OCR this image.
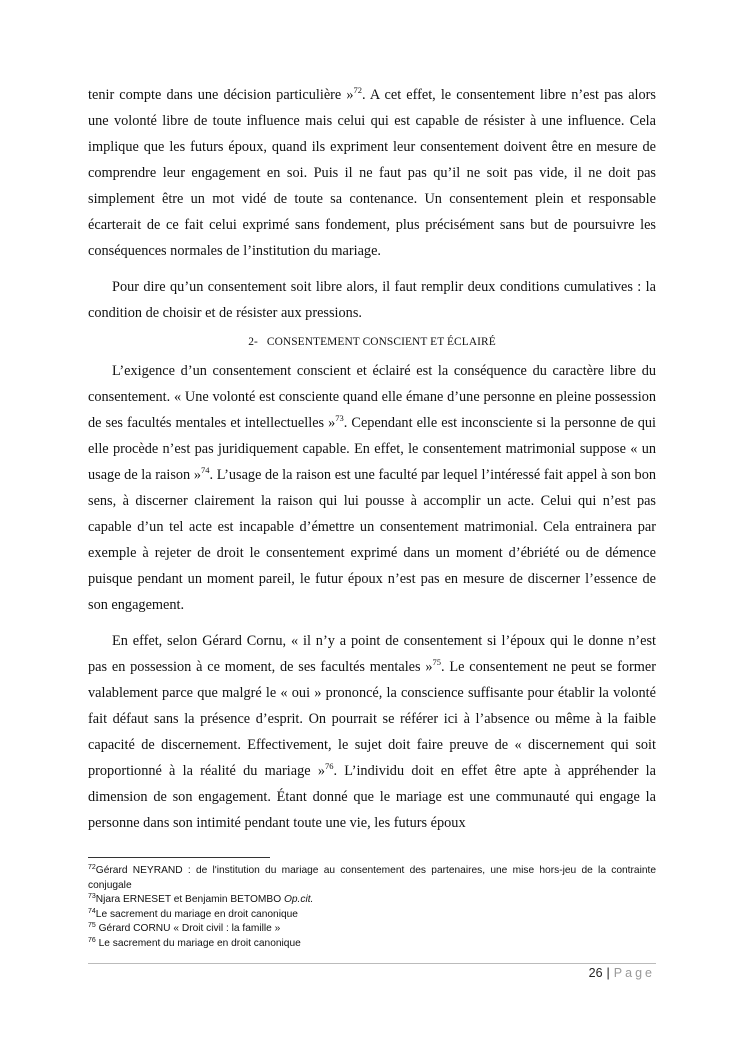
tenir compte dans une décision particulière »$^{72}$. A cet effet, le consentement libre n’est pas alors une volonté libre de toute influence mais celui qui est capable de résister à une influence. Cela implique que les futurs époux, quand ils expriment leur consentement doivent être en mesure de comprendre leur engagement en soi. Puis il ne faut pas qu’il ne soit pas vide, il ne doit pas simplement être un mot vidé de toute sa contenance. Un consentement plein et responsable écarterait de ce fait celui exprimé sans fondement, plus précisément sans but de poursuivre les conséquences normales de l’institution du mariage.

Pour dire qu’un consentement soit libre alors, il faut remplir deux conditions cumulatives : la condition de choisir et de résister aux pressions.

2- CONSENTEMENT CONSCIENT ET ÉCLAIRÉ

L’exigence d’un consentement conscient et éclairé est la conséquence du caractère libre du consentement. « Une volonté est consciente quand elle émane d’une personne en pleine possession de ses facultés mentales et intellectuelles »$^{73}$. Cependant elle est inconsciente si la personne de qui elle procède n’est pas juridiquement capable. En effet, le consentement matrimonial suppose « un usage de la raison »$^{74}$. L’usage de la raison est une faculté par lequel l’intéressé fait appel à son bon sens, à discerner clairement la raison qui lui pousse à accomplir un acte. Celui qui n’est pas capable d’un tel acte est incapable d’émettre un consentement matrimonial. Cela entrainera par exemple à rejeter de droit le consentement exprimé dans un moment d’ébriété ou de démence puisque pendant un moment pareil, le futur époux n’est pas en mesure de discerner l’essence de son engagement.

En effet, selon Gérard Cornu, « il n’y a point de consentement si l’époux qui le donne n’est pas en possession à ce moment, de ses facultés mentales »$^{75}$. Le consentement ne peut se former valablement parce que malgré le « oui » prononcé, la conscience suffisante pour établir la volonté fait défaut sans la présence d’esprit. On pourrait se référer ici à l’absence ou même à la faible capacité de discernement. Effectivement, le sujet doit faire preuve de « discernement qui soit proportionné à la réalité du mariage »$^{76}$. L’individu doit en effet être apte à appréhender la dimension de son engagement. Étant donné que le mariage est une communauté qui engage la personne dans son intimité pendant toute une vie, les futurs époux

$^{72}$Gérard NEYRAND : de l'institution du mariage au consentement des partenaires, une mise hors-jeu de la contrainte conjugale

$^{73}$Njara ERNESET et Benjamin BETOMBO Op.cit.

$^{74}$Le sacrement du mariage en droit canonique

$^{75}$ Gérard CORNU « Droit civil : la famille »

$^{76}$ Le sacrement du mariage en droit canonique

26 | Page
